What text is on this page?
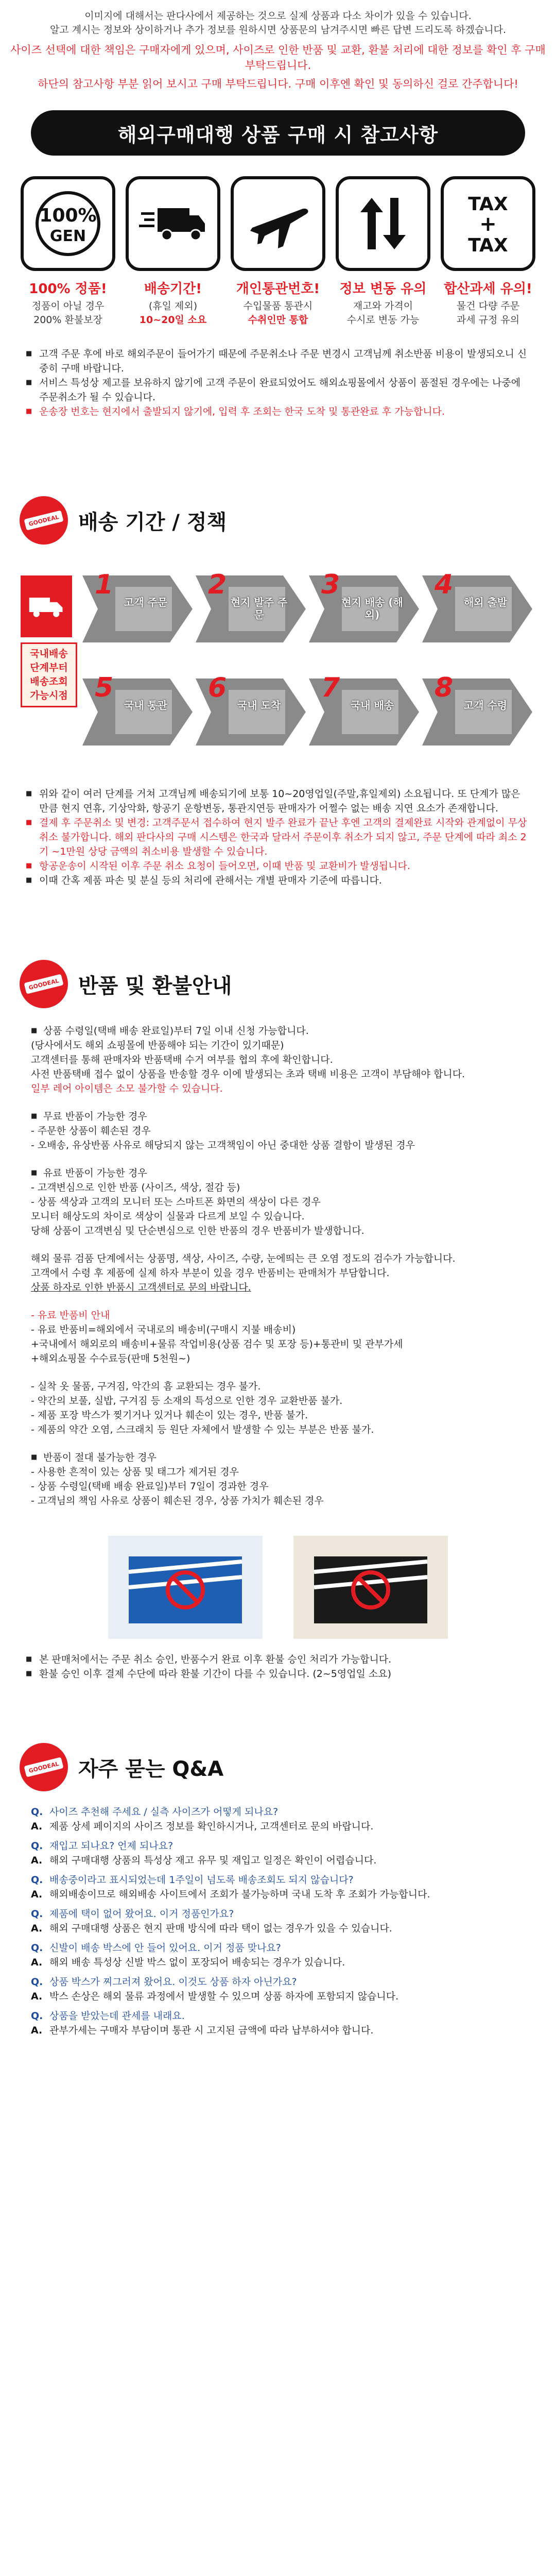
이미지에 대해서는 판다사에서 제공하는 것으로 실제 상품과 다소 차이가 있을 수 있습니다.
알고 계시는 정보와 상이하거나 추가 정보를 원하시면 상품문의 남겨주시면 빠른 답변 드리도록 하겠습니다.
사이즈 선택에 대한 책임은 구매자에게 있으며, 사이즈로 인한 반품 및 교환, 환불 처리에 대한 정보를 확인 후 구매
부탁드립니다.
하단의 참고사항 부분 읽어 보시고 구매 부탁드립니다. 구매 이후엔 확인 및 동의하신 걸로 간주합니다!
해외구매대행 상품 구매 시 참고사항
100%
GEN
100% 정품!
정품이 아닐 경우
200% 환불보장
배송기간!
(휴일 제외)
10~20일 소요
개인통관번호!
수입물품 통관시
수취인만 통합
정보 변동 유의
재고와 가격이
수시로 변동 가능
TAX
+
TAX
합산과세 유의!
물건 다량 주문
과세 규정 유의
■ 고객 주문 후에 바로 해외주문이 들어가기 때문에 주문취소나 주문 변경시 고객님께 취소반품 비용이 발생되오니 신중히 구매 바랍니다.
■ 서비스 특성상 제고를 보유하지 않기에 고객 주문이 완료되었어도 해외쇼핑몰에서 상품이 품절된 경우에는 나중에 주문취소가 될 수 있습니다.
■ 운송장 번호는 현지에서 출발되지 않기에, 입력 후 조회는 한국 도착 및 통관완료 후 가능합니다.
GOODEAL 배송 기간 / 정책
국내배송
단계부터
배송조회
가능시점
1
고객 주문
2
현지 발주 주문
3
현지 배송 (해외)
4
해외 출발
5
국내 통관
6
국내 도착
7
국내 배송
8
고객 수령
■ 위와 같이 여러 단계를 거쳐 고객님께 배송되기에 보통 10~20영업일(주말,휴일제외) 소요됩니다. 또 단계가 많은 만큼 현지 연휴, 기상악화, 항공기 운항변동, 통관지연등 판매자가 어쩔수 없는 배송 지연 요소가 존재합니다.
■ 결제 후 주문취소 및 변경: 고객주문서 접수하여 현지 발주 완료가 끝난 후엔 고객의 결제완료 시작와 관계없이 무상 취소 불가합니다. 해외 판다사의 구매 시스템은 한국과 달라서 주문이후 취소가 되지 않고, 주문 단계에 따라 최소 2기 ~1만원 상당 금액의 취소비용 발생할 수 있습니다.
■ 항공운송이 시작된 이후 주문 취소 요청이 들어오면, 이때 반품 및 교환비가 발생됩니다.
■ 이때 간혹 제품 파손 및 분실 등의 처리에 관해서는 개별 판매자 기준에 따릅니다.
GOODEAL 반품 및 환불안내

■ 상품 수령일(택배 배송 완료일)부터 7일 이내 신청 가능합니다.

(당사에서도 해외 쇼핑몰에 반품해야 되는 기간이 있기때문)

고객센터를 통해 판매자와 반품택배 수거 여부를 협의 후에 확인합니다.

사전 반품택배 접수 없이 상품을 반송할 경우 이에 발생되는 초과 택배 비용은 고객이 부담해야 합니다.

일부 레어 아이템은 소모 불가할 수 있습니다.

■ 무료 반품이 가능한 경우

- 주문한 상품이 훼손된 경우

- 오배송, 유상반품 사유로 해당되지 않는 고객책임이 아닌 중대한 상품 결함이 발생된 경우

■ 유료 반품이 가능한 경우

- 고객변심으로 인한 반품 (사이즈, 색상, 절감 등)

- 상품 색상과 고객의 모니터 또는 스마트폰 화면의 색상이 다른 경우

모니터 해상도의 차이로 색상이 실물과 다르게 보일 수 있습니다.

당해 상품이 고객변심 및 단순변심으로 인한 반품의 경우 반품비가 발생합니다.

해외 물류 검품 단계에서는 상품명, 색상, 사이즈, 수량, 눈에띄는 큰 오염 정도의 검수가 가능합니다.

고객에서 수령 후 제품에 실제 하자 부분이 있을 경우 반품비는 판매처가 부담합니다.

상품 하자로 인한 반품시 고객센터로 문의 바랍니다.

- 유료 반품비 안내

- 유료 반품비=해외에서 국내로의 배송비(구매시 지불 배송비)

+국내에서 해외로의 배송비+물류 작업비용(상품 검수 및 포장 등)+통관비 및 관부가세

+해외쇼핑몰 수수료등(판매 5천원~)

- 실착 옷 물품, 구겨짐, 악간의 흠 교환되는 경우 불가.

- 약간의 보풀, 실밥, 구겨짐 등 소재의 특성으로 인한 경우 교환반품 불가.

- 제품 포장 박스가 찢기거나 있거나 훼손이 있는 경우, 반품 불가.

- 제품의 약간 오염, 스크래치 등 원단 자체에서 발생할 수 있는 부분은 반품 불가.

■ 반품이 절대 불가능한 경우

- 사용한 흔적이 있는 상품 및 태그가 제거된 경우

- 상품 수령일(택배 배송 완료일)부터 7일이 경과한 경우

- 고객님의 책임 사유로 상품이 훼손된 경우, 상품 가치가 훼손된 경우

■ 본 판매처에서는 주문 취소 승인, 반품수거 완료 이후 환불 승인 처리가 가능합니다.
■ 환불 승인 이후 결제 수단에 따라 환불 기간이 다를 수 있습니다. (2~5영업일 소요)
GOODEAL 자주 묻는 Q&A
Q. 사이즈 추천해 주세요 / 실측 사이즈가 어떻게 되나요?
A. 제품 상세 페이지의 사이즈 정보를 확인하시거나, 고객센터로 문의 바랍니다.
Q. 재입고 되나요? 언제 되나요?
A. 해외 구매대행 상품의 특성상 재고 유무 및 재입고 일정은 확인이 어렵습니다.
Q. 배송중이라고 표시되었는데 1주일이 넘도록 배송조회도 되지 않습니다?
A. 해외배송이므로 해외배송 사이트에서 조회가 불가능하며 국내 도착 후 조회가 가능합니다.
Q. 제품에 택이 없어 왔어요. 이거 정품인가요?
A. 해외 구매대행 상품은 현지 판매 방식에 따라 택이 없는 경우가 있을 수 있습니다.
Q. 신발이 배송 박스에 안 들어 있어요. 이거 정품 맞나요?
A. 해외 배송 특성상 신발 박스 없이 포장되어 배송되는 경우가 있습니다.
Q. 상품 박스가 찌그러져 왔어요. 이것도 상품 하자 아닌가요?
A. 박스 손상은 해외 물류 과정에서 발생할 수 있으며 상품 하자에 포함되지 않습니다.
Q. 상품을 받았는데 관세를 내래요.
A. 관부가세는 구매자 부담이며 통관 시 고지된 금액에 따라 납부하셔야 합니다.
